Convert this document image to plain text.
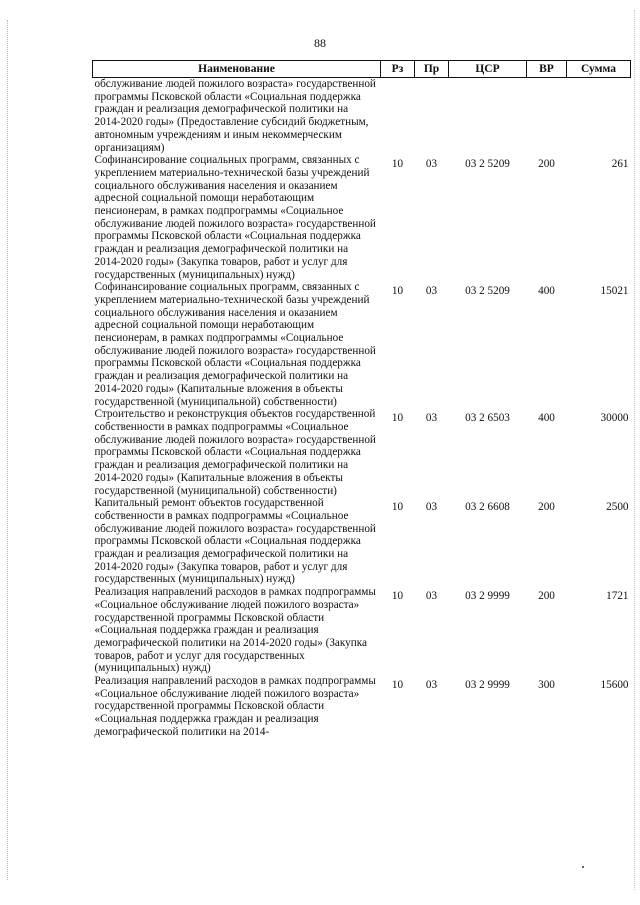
88
Наименование	Рз	Пр	ЦСР	ВР	Сумма
обслуживание людей пожилого возраста» государственной программы Псковской области «Социальная поддержка граждан и реализация демографической политики на 2014-2020 годы» (Предоставление субсидий бюджетным, автономным учреждениям и иным некоммерческим организациям)					
Софинансирование социальных программ, связанных с укреплением материально-технической базы учреждений социального обслуживания населения и оказанием адресной социальной помощи неработающим пенсионерам, в рамках подпрограммы «Социальное обслуживание людей пожилого возраста» государственной программы Псковской области «Социальная поддержка граждан и реализация демографической политики на 2014-2020 годы» (Закупка товаров, работ и услуг для государственных (муниципальных) нужд)	10	03	03 2 5209	200	261
Софинансирование социальных программ, связанных с укреплением материально-технической базы учреждений социального обслуживания населения и оказанием адресной социальной помощи неработающим пенсионерам, в рамках подпрограммы «Социальное обслуживание людей пожилого возраста» государственной программы Псковской области «Социальная поддержка граждан и реализация демографической политики на 2014-2020 годы» (Капитальные вложения в объекты государственной (муниципальной) собственности)	10	03	03 2 5209	400	15021
Строительство и реконструкция объектов государственной собственности в рамках подпрограммы «Социальное обслуживание людей пожилого возраста» государственной программы Псковской области «Социальная поддержка граждан и реализация демографической политики на 2014-2020 годы» (Капитальные вложения в объекты государственной (муниципальной) собственности)	10	03	03 2 6503	400	30000
Капитальный ремонт объектов государственной собственности в рамках подпрограммы «Социальное обслуживание людей пожилого возраста» государственной программы Псковской области «Социальная поддержка граждан и реализация демографической политики на 2014-2020 годы» (Закупка товаров, работ и услуг для государственных (муниципальных) нужд)	10	03	03 2 6608	200	2500
Реализация направлений расходов в рамках подпрограммы «Социальное обслуживание людей пожилого возраста» государственной программы Псковской области «Социальная поддержка граждан и реализация демографической политики на 2014-2020 годы» (Закупка товаров, работ и услуг для государственных (муниципальных) нужд)	10	03	03 2 9999	200	1721
Реализация направлений расходов в рамках подпрограммы «Социальное обслуживание людей пожилого возраста» государственной программы Псковской области «Социальная поддержка граждан и реализация демографической политики на 2014-	10	03	03 2 9999	300	15600
